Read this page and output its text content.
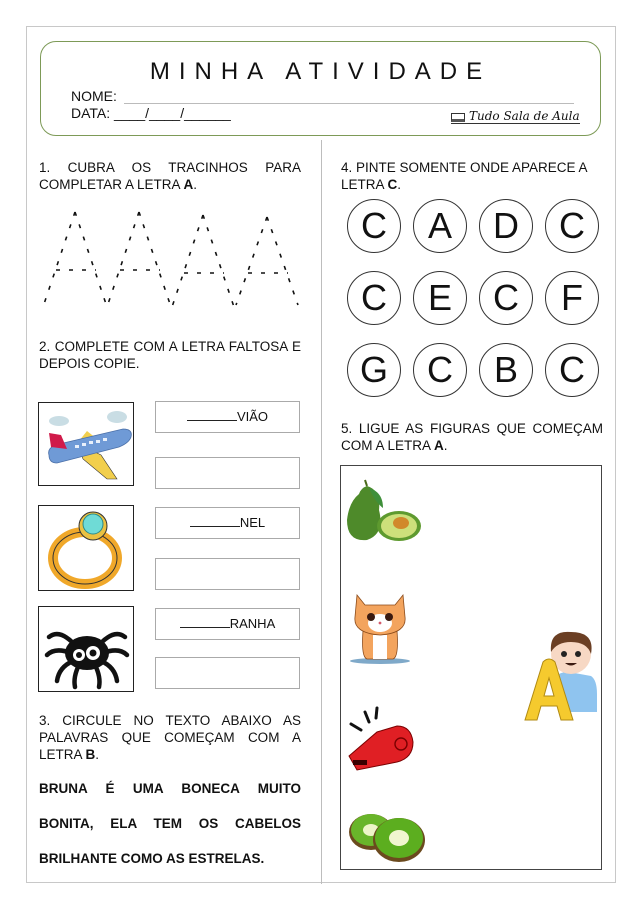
MINHA ATIVIDADE
NOME:
DATA: ____/____/______	Tudo Sala de Aula
1. CUBRA OS TRACINHOS PARA COMPLETAR A LETRA A.
2. COMPLETE COM A LETRA FALTOSA E DEPOIS COPIE.
VIÃO
NEL
RANHA
3. CIRCULE NO TEXTO ABAIXO AS PALAVRAS QUE COMEÇAM COM A LETRA B.
BRUNA É UMA BONECA MUITO
BONITA, ELA TEM OS CABELOS
BRILHANTE COMO AS ESTRELAS.
4. PINTE SOMENTE ONDE APARECE A LETRA C.
C	A	D	C
C	E	C	F
G	C	B	C
5. LIGUE AS FIGURAS QUE COMEÇAM COM A LETRA A.
